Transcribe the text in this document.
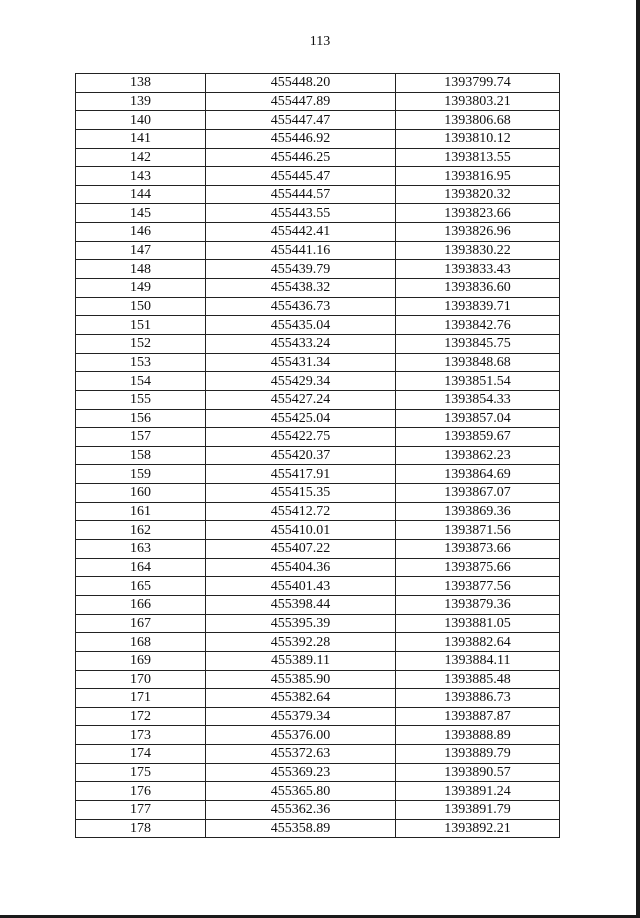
113
138	455448.20	1393799.74
139	455447.89	1393803.21
140	455447.47	1393806.68
141	455446.92	1393810.12
142	455446.25	1393813.55
143	455445.47	1393816.95
144	455444.57	1393820.32
145	455443.55	1393823.66
146	455442.41	1393826.96
147	455441.16	1393830.22
148	455439.79	1393833.43
149	455438.32	1393836.60
150	455436.73	1393839.71
151	455435.04	1393842.76
152	455433.24	1393845.75
153	455431.34	1393848.68
154	455429.34	1393851.54
155	455427.24	1393854.33
156	455425.04	1393857.04
157	455422.75	1393859.67
158	455420.37	1393862.23
159	455417.91	1393864.69
160	455415.35	1393867.07
161	455412.72	1393869.36
162	455410.01	1393871.56
163	455407.22	1393873.66
164	455404.36	1393875.66
165	455401.43	1393877.56
166	455398.44	1393879.36
167	455395.39	1393881.05
168	455392.28	1393882.64
169	455389.11	1393884.11
170	455385.90	1393885.48
171	455382.64	1393886.73
172	455379.34	1393887.87
173	455376.00	1393888.89
174	455372.63	1393889.79
175	455369.23	1393890.57
176	455365.80	1393891.24
177	455362.36	1393891.79
178	455358.89	1393892.21
